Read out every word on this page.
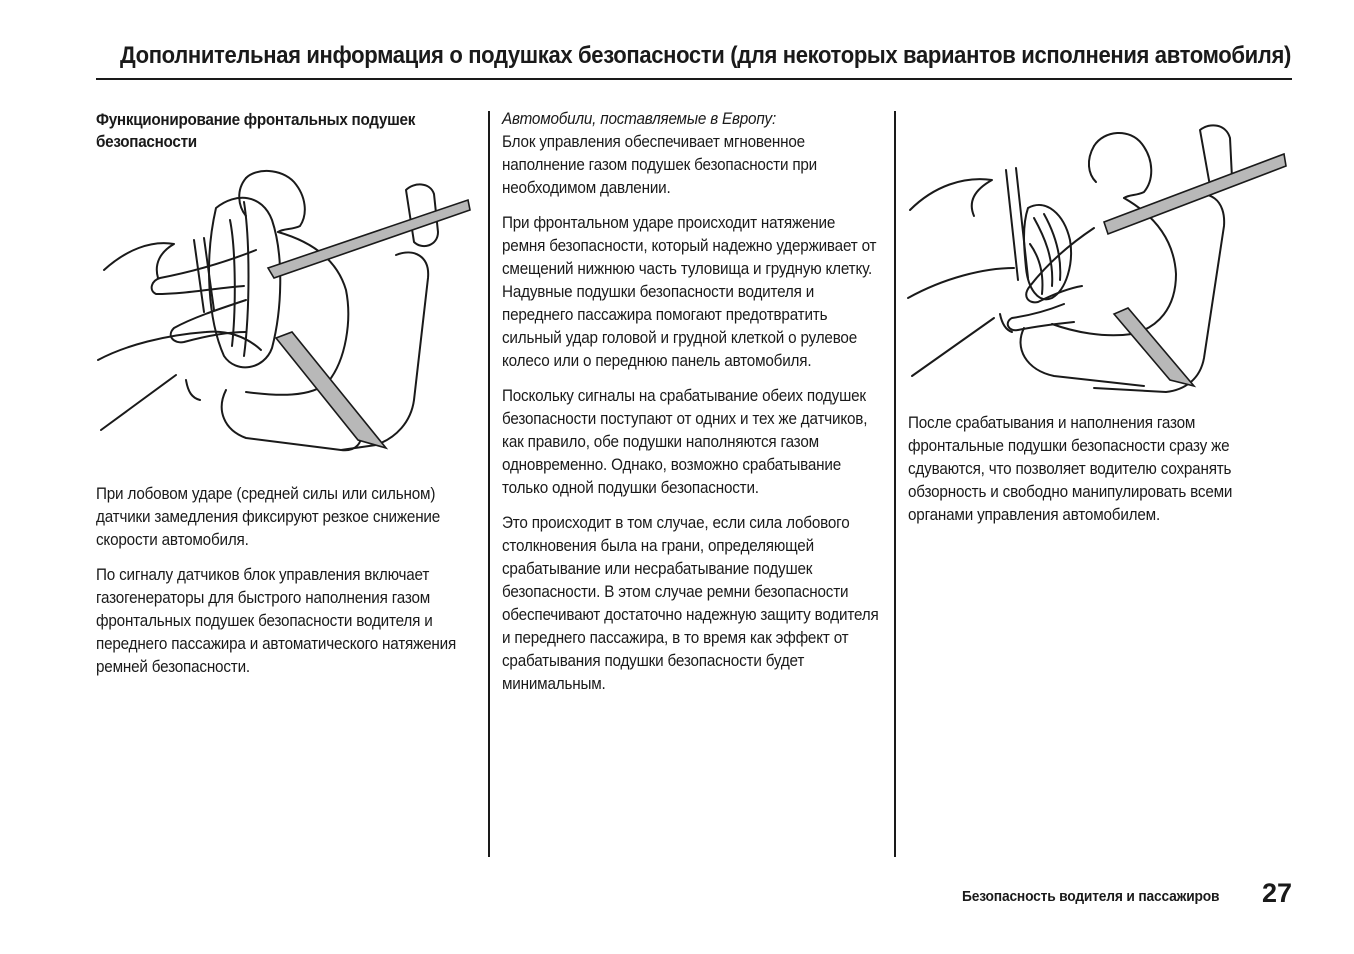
Дополнительная информация о подушках безопасности (для некоторых вариантов исполнения автомобиля)
Функционирование фронтальных подушек безопасности

При лобовом ударе (средней силы или сильном) датчики замедления фиксируют резкое снижение скорости автомобиля.

По сигналу датчиков блок управления включает газогенераторы для быстрого наполнения газом фронтальных подушек безопасности водителя и переднего пассажира и автоматического натяжения ремней безопасности.

Автомобили, поставляемые в Европу:

Блок управления обеспечивает мгновенное наполнение газом подушек безопасности при необходимом давлении.

При фронтальном ударе происходит натяжение ремня безопасности, который надежно удерживает от смещений нижнюю часть туловища и грудную клетку. Надувные подушки безопасности водителя и переднего пассажира помогают предотвратить сильный удар головой и грудной клеткой о рулевое колесо или о переднюю панель автомобиля.

Поскольку сигналы на срабатывание обеих подушек безопасности поступают от одних и тех же датчиков, как правило, обе подушки наполняются газом одновременно. Однако, возможно срабатывание только одной подушки безопасности.

Это происходит в том случае, если сила лобового столкновения была на грани, определяющей срабатывание или несрабатывание подушек безопасности. В этом случае ремни безопасности обеспечивают достаточно надежную защиту водителя и переднего пассажира, в то время как эффект от срабатывания подушки безопасности будет минимальным.

После срабатывания и наполнения газом фронтальные подушки безопасности сразу же сдуваются, что позволяет водителю сохранять обзорность и свободно манипулировать всеми органами управления автомобилем.

Безопасность водителя и пассажиров 27
